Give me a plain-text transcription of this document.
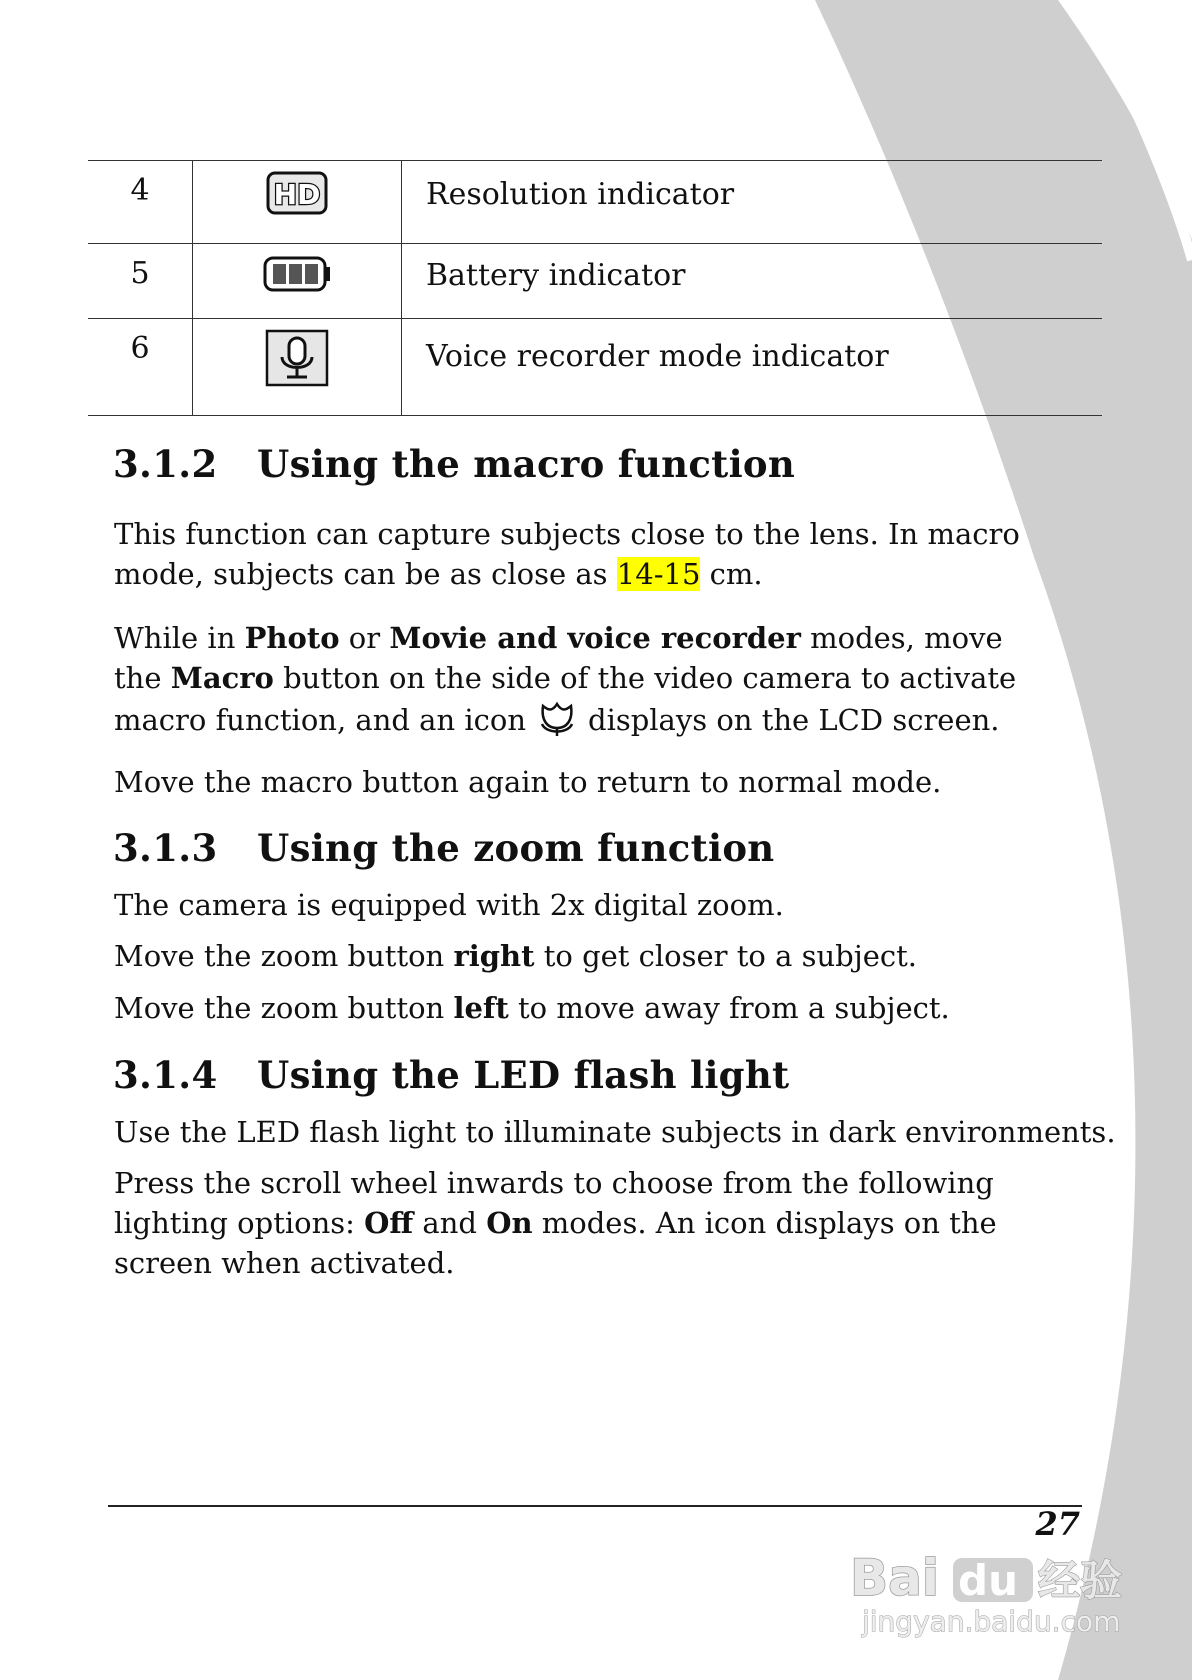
4	HD	Resolution indicator
5		Battery indicator
6		Voice recorder mode indicator
3.1.2 Using the macro function

This function can capture subjects close to the lens. In macro mode, subjects can be as close as 14-15 cm.

While in Photo or Movie and voice recorder modes, move the Macro button on the side of the video camera to activate macro function, and an icon displays on the LCD screen.

Move the macro button again to return to normal mode.

3.1.3 Using the zoom function

The camera is equipped with 2x digital zoom.

Move the zoom button right to get closer to a subject.

Move the zoom button left to move away from a subject.

3.1.4 Using the LED flash light

Use the LED flash light to illuminate subjects in dark environments.

Press the scroll wheel inwards to choose from the following lighting options: Off and On modes. An icon displays on the screen when activated.

27
Bai du 经验
jingyan.baidu.com
